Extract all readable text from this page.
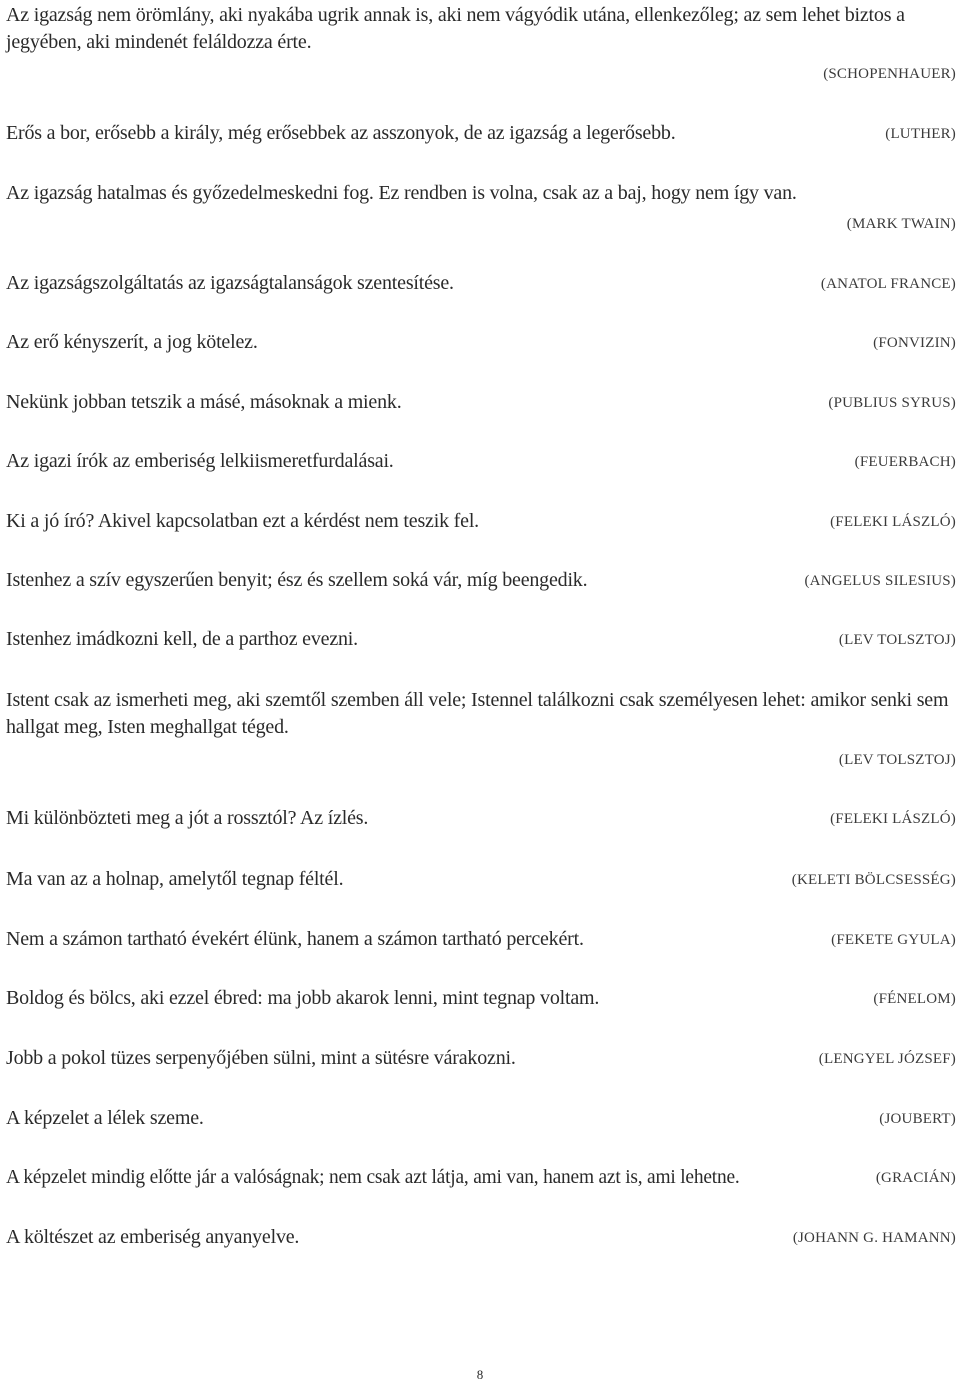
Az igazság nem örömlány, aki nyakába ugrik annak is, aki nem vágyódik utána, ellenkezőleg; az sem lehet biztos a jegyében, aki mindenét feláldozza érte.
(SCHOPENHAUER)
Erős a bor, erősebb a király, még erősebbek az asszonyok, de az igazság a legerősebb.	(LUTHER)
Az igazság hatalmas és győzedelmeskedni fog. Ez rendben is volna, csak az a baj, hogy nem így van.
(MARK TWAIN)
Az igazságszolgáltatás az igazságtalanságok szentesítése.	(ANATOL FRANCE)
Az erő kényszerít, a jog kötelez.	(FONVIZIN)
Nekünk jobban tetszik a másé, másoknak a mienk.	(PUBLIUS SYRUS)
Az igazi írók az emberiség lelkiismeretfurdalásai.	(FEUERBACH)
Ki a jó író? Akivel kapcsolatban ezt a kérdést nem teszik fel.	(FELEKI LÁSZLÓ)
Istenhez a szív egyszerűen benyit; ész és szellem soká vár, míg beengedik.	(ANGELUS SILESIUS)
Istenhez imádkozni kell, de a parthoz evezni.	(LEV TOLSZTOJ)
Istent csak az ismerheti meg, aki szemtől szemben áll vele; Istennel találkozni csak személyesen lehet: amikor senki sem hallgat meg, Isten meghallgat téged.
(LEV TOLSZTOJ)
Mi különbözteti meg a jót a rossztól? Az ízlés.	(FELEKI LÁSZLÓ)
Ma van az a holnap, amelytől tegnap féltél.	(KELETI BÖLCSESSÉG)
Nem a számon tartható évekért élünk, hanem a számon tartható percekért.	(FEKETE GYULA)
Boldog és bölcs, aki ezzel ébred: ma jobb akarok lenni, mint tegnap voltam.	(FÉNELOM)
Jobb a pokol tüzes serpenyőjében sülni, mint a sütésre várakozni.	(LENGYEL JÓZSEF)
A képzelet a lélek szeme.	(JOUBERT)
A képzelet mindig előtte jár a valóságnak; nem csak azt látja, ami van, hanem azt is, ami lehetne.	(GRACIÁN)
A költészet az emberiség anyanyelve.	(JOHANN G. HAMANN)
8
